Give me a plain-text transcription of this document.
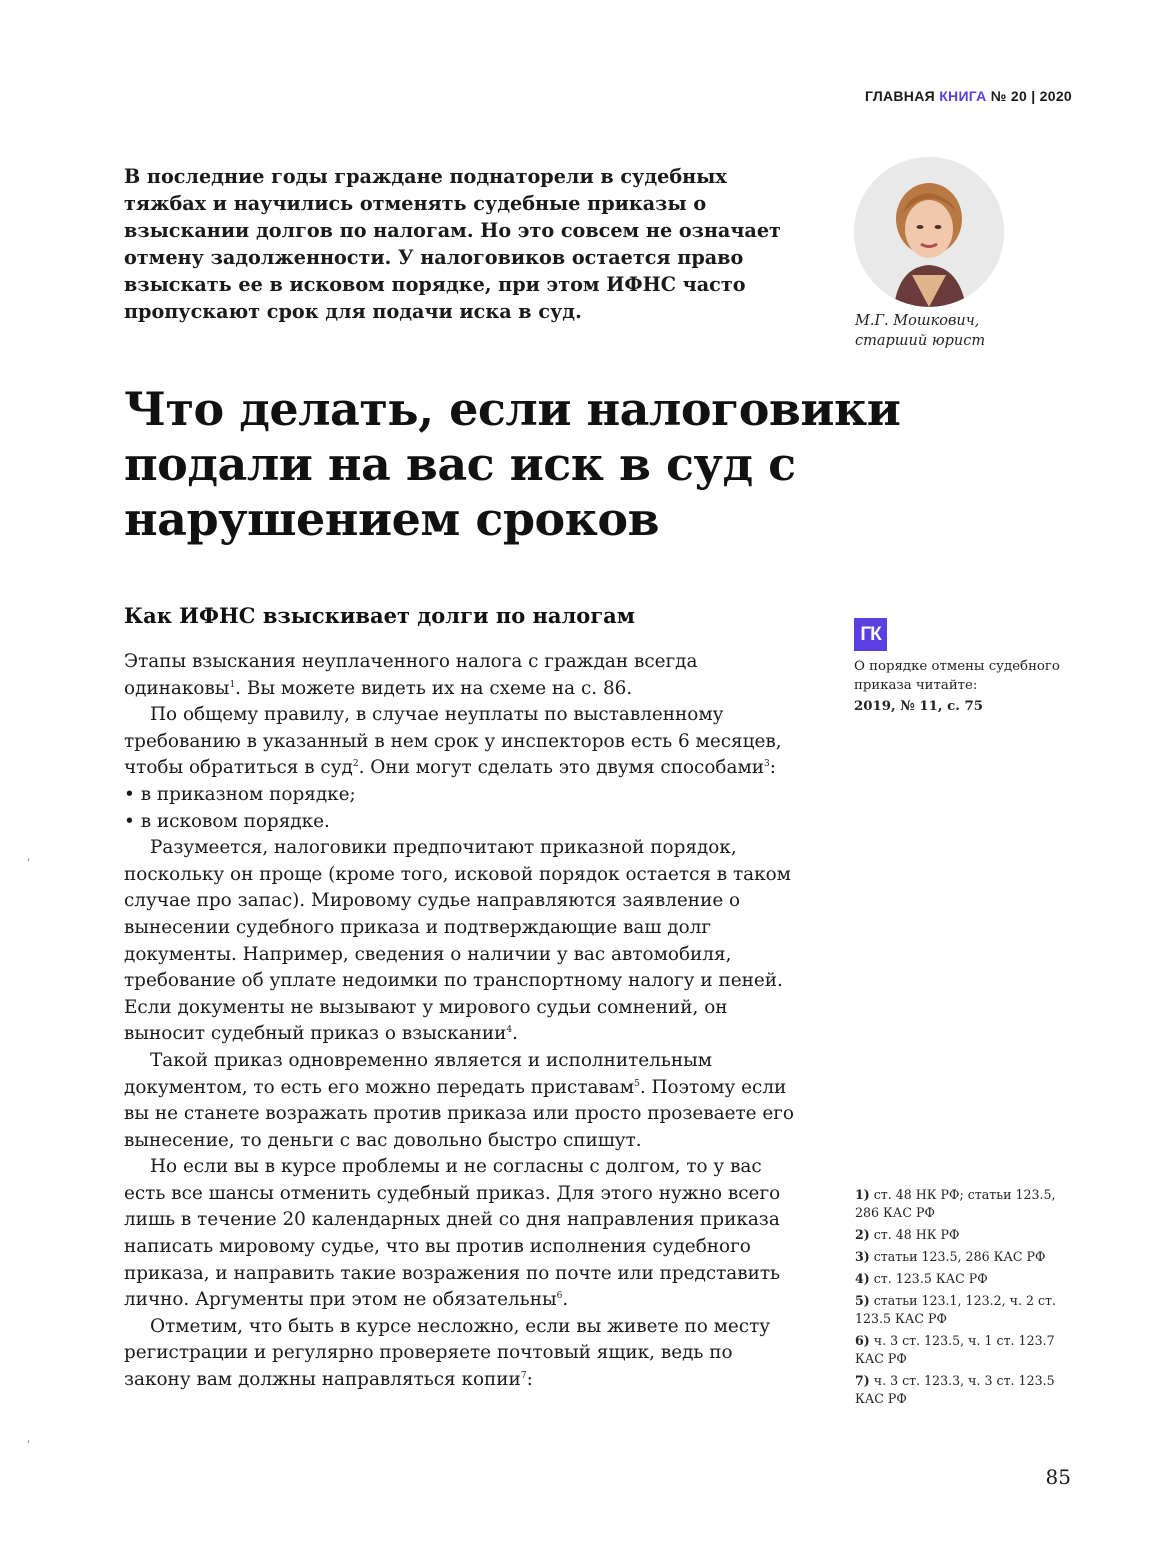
ГЛАВНАЯ КНИГА № 20 | 2020

В последние годы граждане поднаторели в судебных тяжбах и научились отменять судебные приказы о взыскании долгов по налогам. Но это совсем не означает отмену задолженности. У налоговиков остается право взыскать ее в исковом порядке, при этом ИФНС часто пропускают срок для подачи иска в суд.	М.Г. Мошкович,
старший юрист
Что делать, если налоговики подали на вас иск в суд с нарушением сроков
Как ИФНС взыскивает долги по налогам

Этапы взыскания неуплаченного налога с граждан всегда одинаковы$^1$. Вы можете видеть их на схеме на с. 86.

По общему правилу, в случае неуплаты по выставленному требованию в указанный в нем срок у инспекторов есть 6 месяцев, чтобы обратиться в суд$^2$. Они могут сделать это двумя способами$^3$:

• в приказном порядке;

• в исковом порядке.

Разумеется, налоговики предпочитают приказной порядок, поскольку он проще (кроме того, исковой порядок остается в таком случае про запас). Мировому судье направляются заявление о вынесении судебного приказа и подтверждающие ваш долг документы. Например, сведения о наличии у вас автомобиля, требование об уплате недоимки по транспортному налогу и пеней. Если документы не вызывают у мирового судьи сомнений, он выносит судебный приказ о взыскании$^4$.

Такой приказ одновременно является и исполнительным документом, то есть его можно передать приставам$^5$. Поэтому если вы не станете возражать против приказа или просто прозеваете его вынесение, то деньги с вас довольно быстро спишут.

Но если вы в курсе проблемы и не согласны с долгом, то у вас есть все шансы отменить судебный приказ. Для этого нужно всего лишь в течение 20 календарных дней со дня направления приказа написать мировому судье, что вы против исполнения судебного приказа, и направить такие возражения по почте или представить лично. Аргументы при этом не обязательны$^6$.

Отметим, что быть в курсе несложно, если вы живете по месту регистрации и регулярно проверяете почтовый ящик, ведь по закону вам должны направляться копии$^7$:

ГК
О порядке отмены судебного приказа читайте:
2019, № 11, с. 75
1) ст. 48 НК РФ; статьи 123.5, 286 КАС РФ
2) ст. 48 НК РФ
3) статьи 123.5, 286 КАС РФ
4) ст. 123.5 КАС РФ
5) статьи 123.1, 123.2, ч. 2 ст. 123.5 КАС РФ
6) ч. 3 ст. 123.5, ч. 1 ст. 123.7 КАС РФ
7) ч. 3 ст. 123.3, ч. 3 ст. 123.5 КАС РФ
85
